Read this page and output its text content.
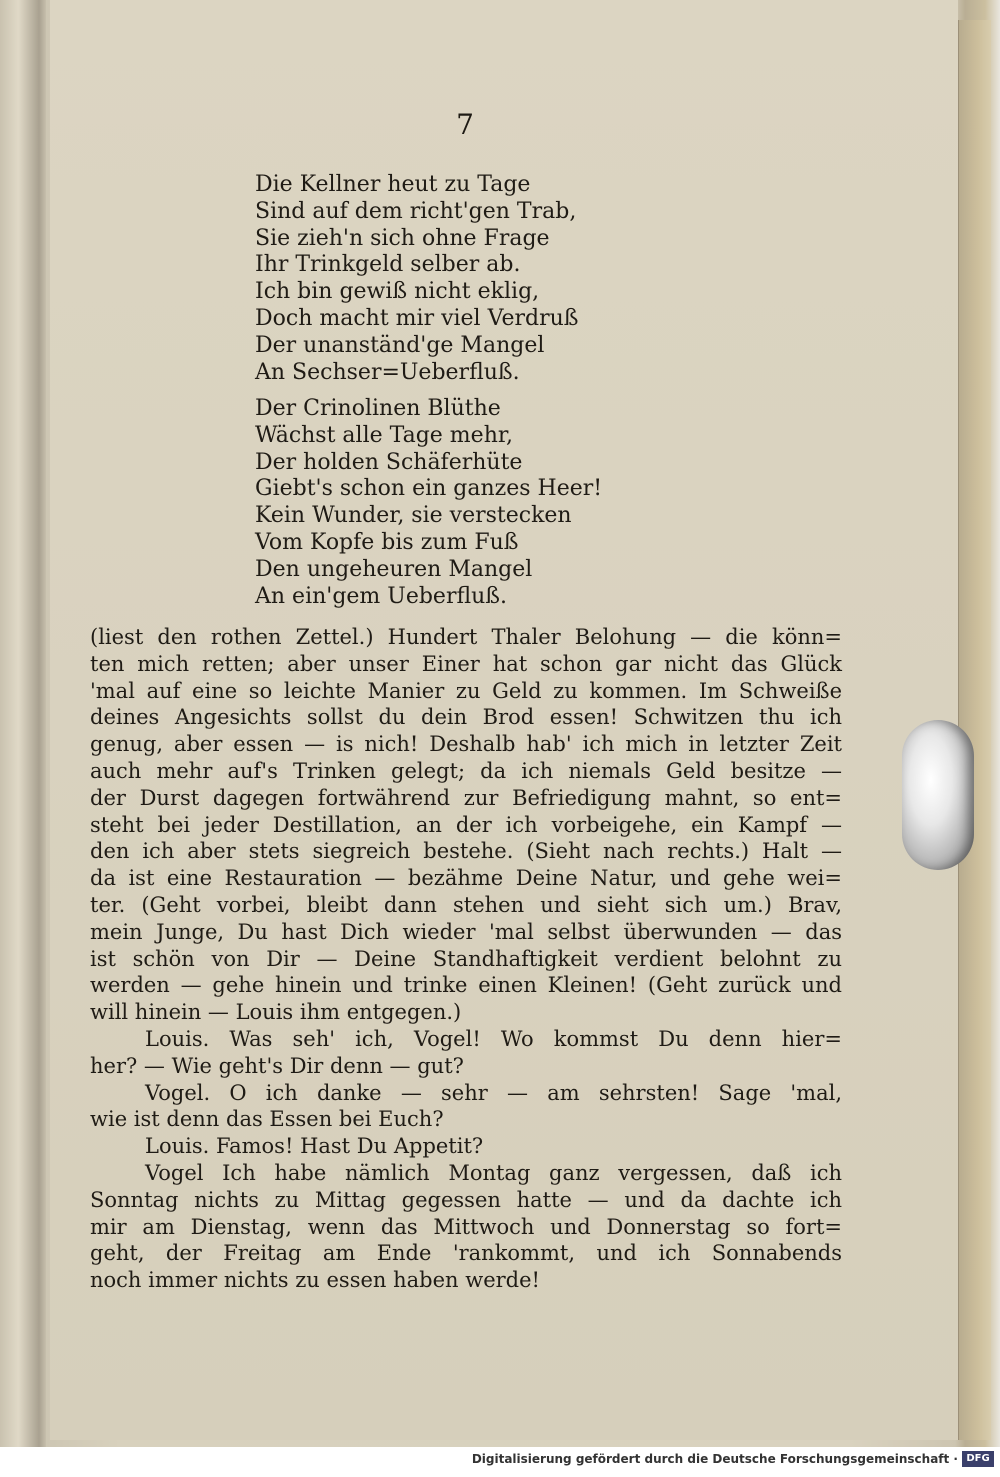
7
Die Kellner heut zu Tage
Sind auf dem richt'gen Trab,
Sie zieh'n sich ohne Frage
Ihr Trinkgeld selber ab.
Ich bin gewiß nicht eklig,
Doch macht mir viel Verdruß
Der unanständ'ge Mangel
An Sechser=Ueberfluß.
Der Crinolinen Blüthe
Wächst alle Tage mehr,
Der holden Schäferhüte
Giebt's schon ein ganzes Heer!
Kein Wunder, sie verstecken
Vom Kopfe bis zum Fuß
Den ungeheuren Mangel
An ein'gem Ueberfluß.
(liest den rothen Zettel.) Hundert Thaler Belohung — die könn=
ten mich retten; aber unser Einer hat schon gar nicht das Glück
'mal auf eine so leichte Manier zu Geld zu kommen. Im Schweiße
deines Angesichts sollst du dein Brod essen! Schwitzen thu ich
genug, aber essen — is nich! Deshalb hab' ich mich in letzter Zeit
auch mehr auf's Trinken gelegt; da ich niemals Geld besitze —
der Durst dagegen fortwährend zur Befriedigung mahnt, so ent=
steht bei jeder Destillation, an der ich vorbeigehe, ein Kampf —
den ich aber stets siegreich bestehe. (Sieht nach rechts.) Halt —
da ist eine Restauration — bezähme Deine Natur, und gehe wei=
ter. (Geht vorbei, bleibt dann stehen und sieht sich um.) Brav,
mein Junge, Du hast Dich wieder 'mal selbst überwunden — das
ist schön von Dir — Deine Standhaftigkeit verdient belohnt zu
werden — gehe hinein und trinke einen Kleinen! (Geht zurück und
will hinein — Louis ihm entgegen.)
Louis. Was seh' ich, Vogel! Wo kommst Du denn hier=
her? — Wie geht's Dir denn — gut?
Vogel. O ich danke — sehr — am sehrsten! Sage 'mal,
wie ist denn das Essen bei Euch?
Louis. Famos! Hast Du Appetit?
Vogel Ich habe nämlich Montag ganz vergessen, daß ich
Sonntag nichts zu Mittag gegessen hatte — und da dachte ich
mir am Dienstag, wenn das Mittwoch und Donnerstag so fort=
geht, der Freitag am Ende 'rankommt, und ich Sonnabends
noch immer nichts zu essen haben werde!
Digitalisierung gefördert durch die Deutsche Forschungsgemeinschaft · DFG
